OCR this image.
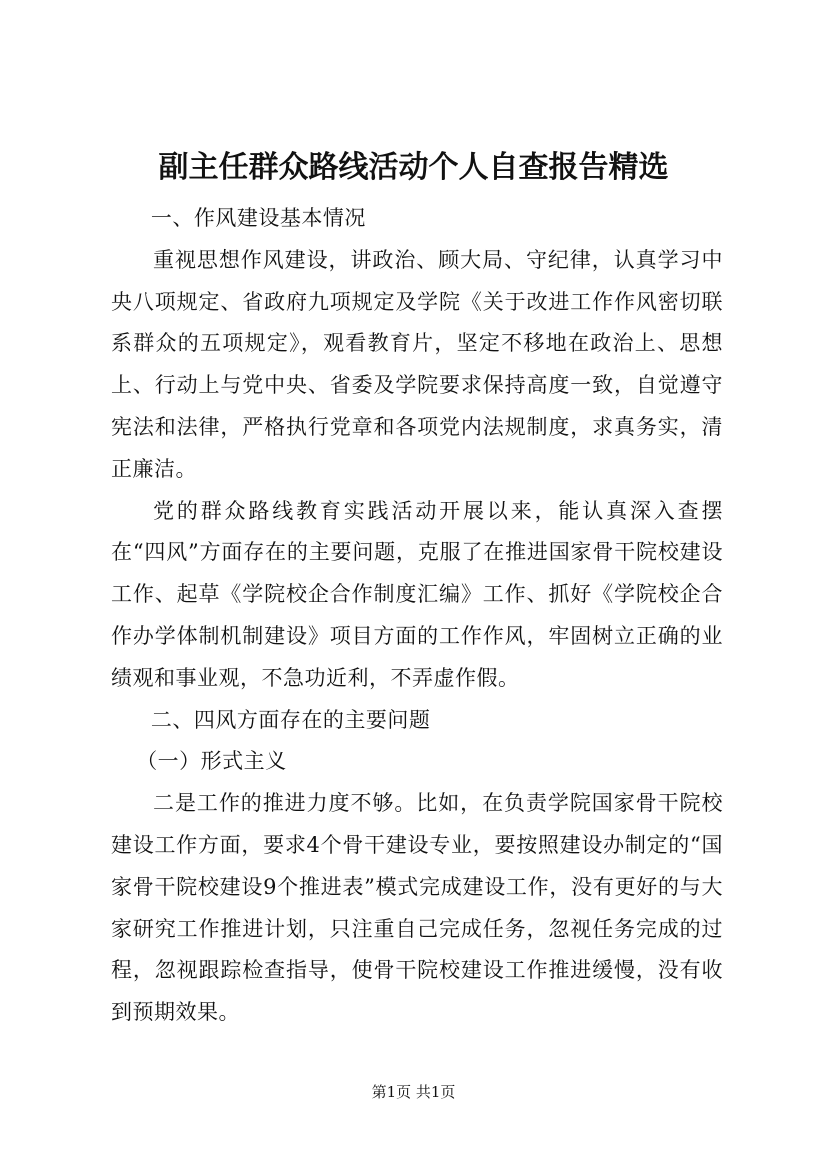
副主任群众路线活动个人自查报告精选

一、作风建设基本情况

重视思想作风建设，讲政治、顾大局、守纪律，认真学习中央八项规定、省政府九项规定及学院《关于改进工作作风密切联系群众的五项规定》，观看教育片，坚定不移地在政治上、思想上、行动上与党中央、省委及学院要求保持高度一致，自觉遵守宪法和法律，严格执行党章和各项党内法规制度，求真务实，清正廉洁。

党的群众路线教育实践活动开展以来，能认真深入查摆在“四风”方面存在的主要问题，克服了在推进国家骨干院校建设工作、起草《学院校企合作制度汇编》工作、抓好《学院校企合作办学体制机制建设》项目方面的工作作风，牢固树立正确的业绩观和事业观，不急功近利，不弄虚作假。

二、四风方面存在的主要问题

（一）形式主义

二是工作的推进力度不够。比如，在负责学院国家骨干院校建设工作方面，要求4个骨干建设专业，要按照建设办制定的“国家骨干院校建设9个推进表”模式完成建设工作，没有更好的与大家研究工作推进计划，只注重自己完成任务，忽视任务完成的过程，忽视跟踪检查指导，使骨干院校建设工作推进缓慢，没有收到预期效果。

第1页 共1页
